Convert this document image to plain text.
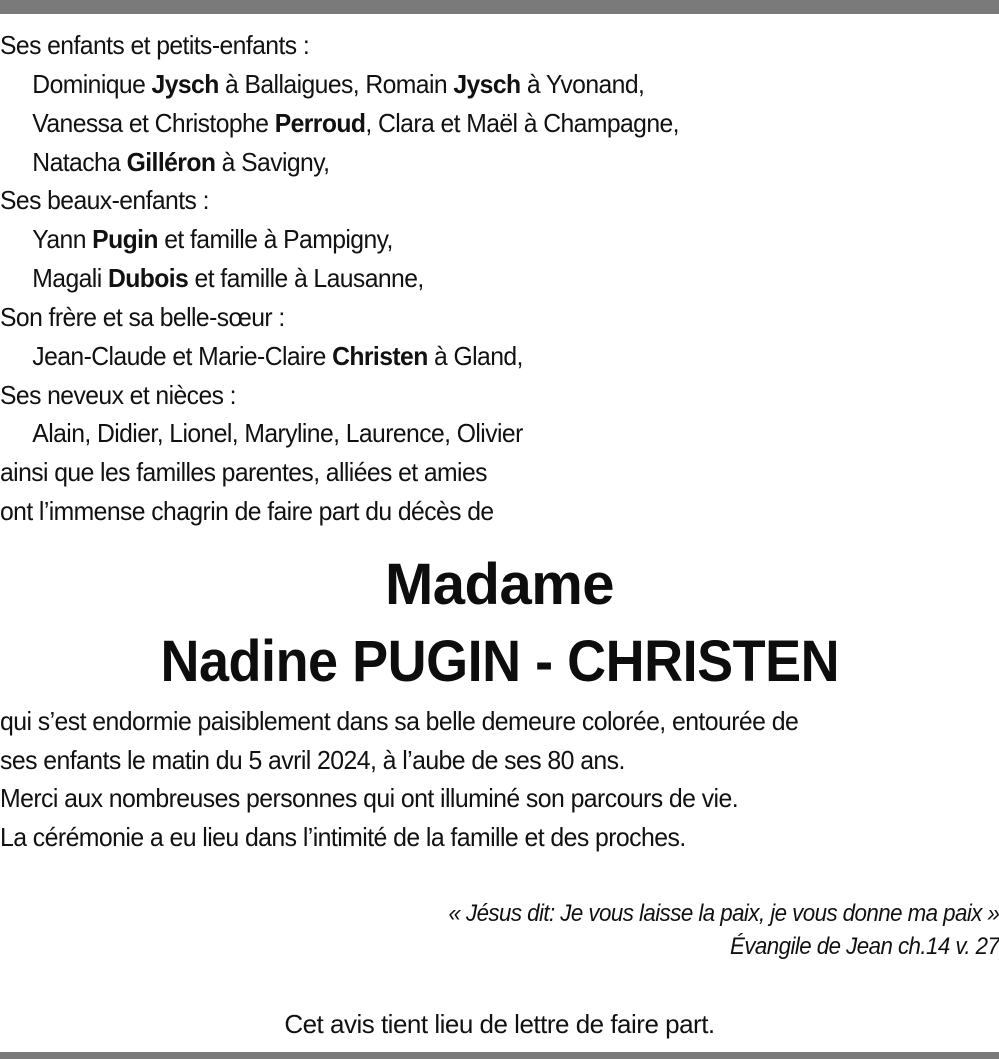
Ses enfants et petits-enfants :
Dominique Jysch à Ballaigues, Romain Jysch à Yvonand,
Vanessa et Christophe Perroud, Clara et Maël à Champagne,
Natacha Gilléron à Savigny,
Ses beaux-enfants :
Yann Pugin et famille à Pampigny,
Magali Dubois et famille à Lausanne,
Son frère et sa belle-sœur :
Jean-Claude et Marie-Claire Christen à Gland,
Ses neveux et nièces :
Alain, Didier, Lionel, Maryline, Laurence, Olivier
ainsi que les familles parentes, alliées et amies
ont l’immense chagrin de faire part du décès de
Madame
Nadine PUGIN - CHRISTEN
qui s’est endormie paisiblement dans sa belle demeure colorée, entourée de
ses enfants le matin du 5 avril 2024, à l’aube de ses 80 ans.
Merci aux nombreuses personnes qui ont illuminé son parcours de vie.
La cérémonie a eu lieu dans l’intimité de la famille et des proches.
« Jésus dit: Je vous laisse la paix, je vous donne ma paix »
Évangile de Jean ch.14 v. 27
Cet avis tient lieu de lettre de faire part.
